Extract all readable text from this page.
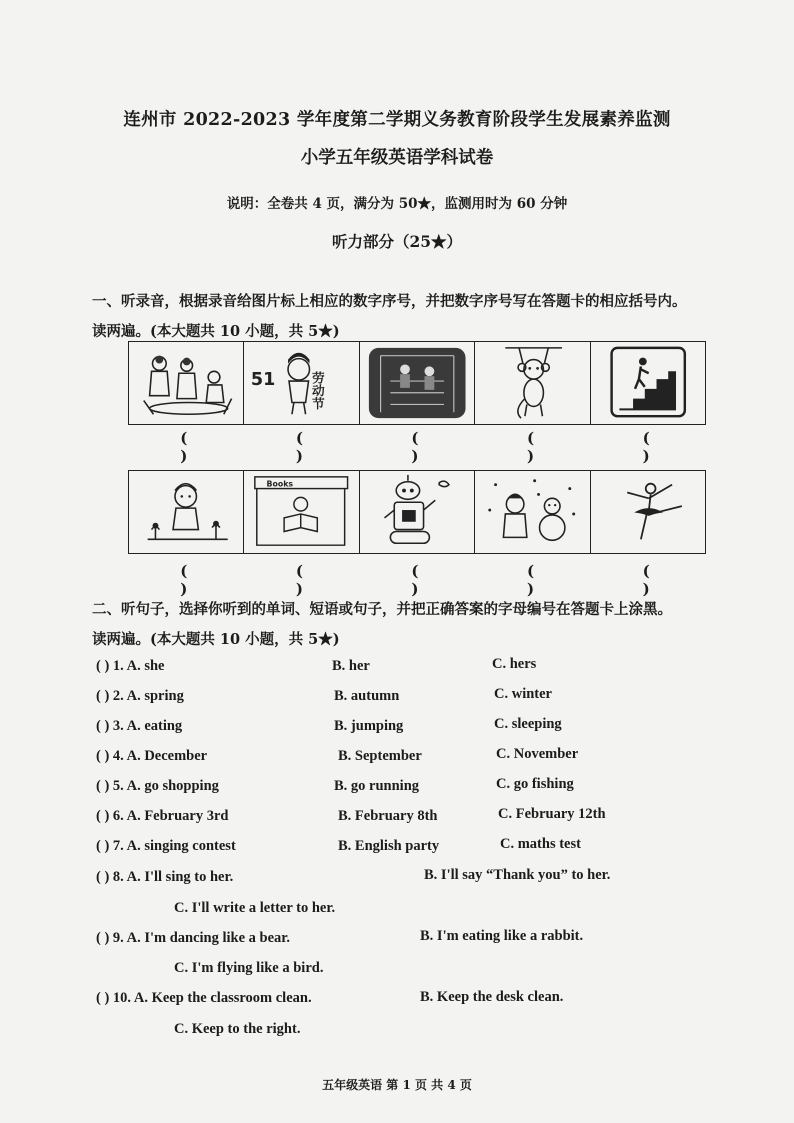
连州市 2022-2023 学年度第二学期义务教育阶段学生发展素养监测
小学五年级英语学科试卷
说明：全卷共 4 页，满分为 50★，监测用时为 60 分钟
听力部分（25★）
一、听录音，根据录音给图片标上相应的数字序号，并把数字序号写在答题卡的相应括号内。
读两遍。(本大题共 10 小题，共 5★)
51	劳动节
( )
( )
( )
( )
( )
Books
( )
( )
( )
( )
( )
二、听句子，选择你听到的单词、短语或句子，并把正确答案的字母编号在答题卡上涂黑。
读两遍。(本大题共 10 小题，共 5★)
( ) 1. A. she	B. her	C. hers
( ) 2. A. spring	B. autumn	C. winter
( ) 3. A. eating	B. jumping	C. sleeping
( ) 4. A. December	B. September	C. November
( ) 5. A. go shopping	B. go running	C. go fishing
( ) 6. A. February 3rd	B. February 8th	C. February 12th
( ) 7. A. singing contest	B. English party	C. maths test
( ) 8. A. I'll sing to her.	B. I'll say “Thank you” to her.
C. I'll write a letter to her.
( ) 9. A. I'm dancing like a bear.	B. I'm eating like a rabbit.
C. I'm flying like a bird.
( ) 10. A. Keep the classroom clean.	B. Keep the desk clean.
C. Keep to the right.
五年级英语 第 1 页 共 4 页
